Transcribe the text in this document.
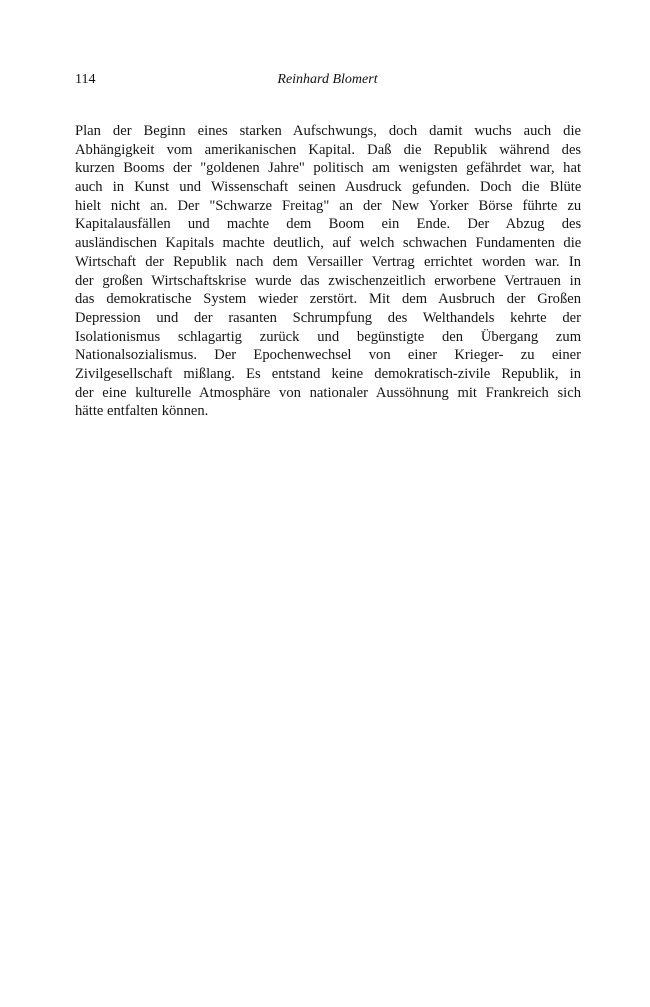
114	Reinhard Blomert
Plan der Beginn eines starken Aufschwungs, doch damit wuchs auch die
Abhängigkeit vom amerikanischen Kapital. Daß die Republik während des
kurzen Booms der "goldenen Jahre" politisch am wenigsten gefährdet war, hat
auch in Kunst und Wissenschaft seinen Ausdruck gefunden. Doch die Blüte
hielt nicht an. Der "Schwarze Freitag" an der New Yorker Börse führte zu
Kapitalausfällen und machte dem Boom ein Ende. Der Abzug des
ausländischen Kapitals machte deutlich, auf welch schwachen Fundamenten die
Wirtschaft der Republik nach dem Versailler Vertrag errichtet worden war. In
der großen Wirtschaftskrise wurde das zwischenzeitlich erworbene Vertrauen in
das demokratische System wieder zerstört. Mit dem Ausbruch der Großen
Depression und der rasanten Schrumpfung des Welthandels kehrte der
Isolationismus schlagartig zurück und begünstigte den Übergang zum
Nationalsozialismus. Der Epochenwechsel von einer Krieger- zu einer
Zivilgesellschaft mißlang. Es entstand keine demokratisch-zivile Republik, in
der eine kulturelle Atmosphäre von nationaler Aussöhnung mit Frankreich sich
hätte entfalten können.
